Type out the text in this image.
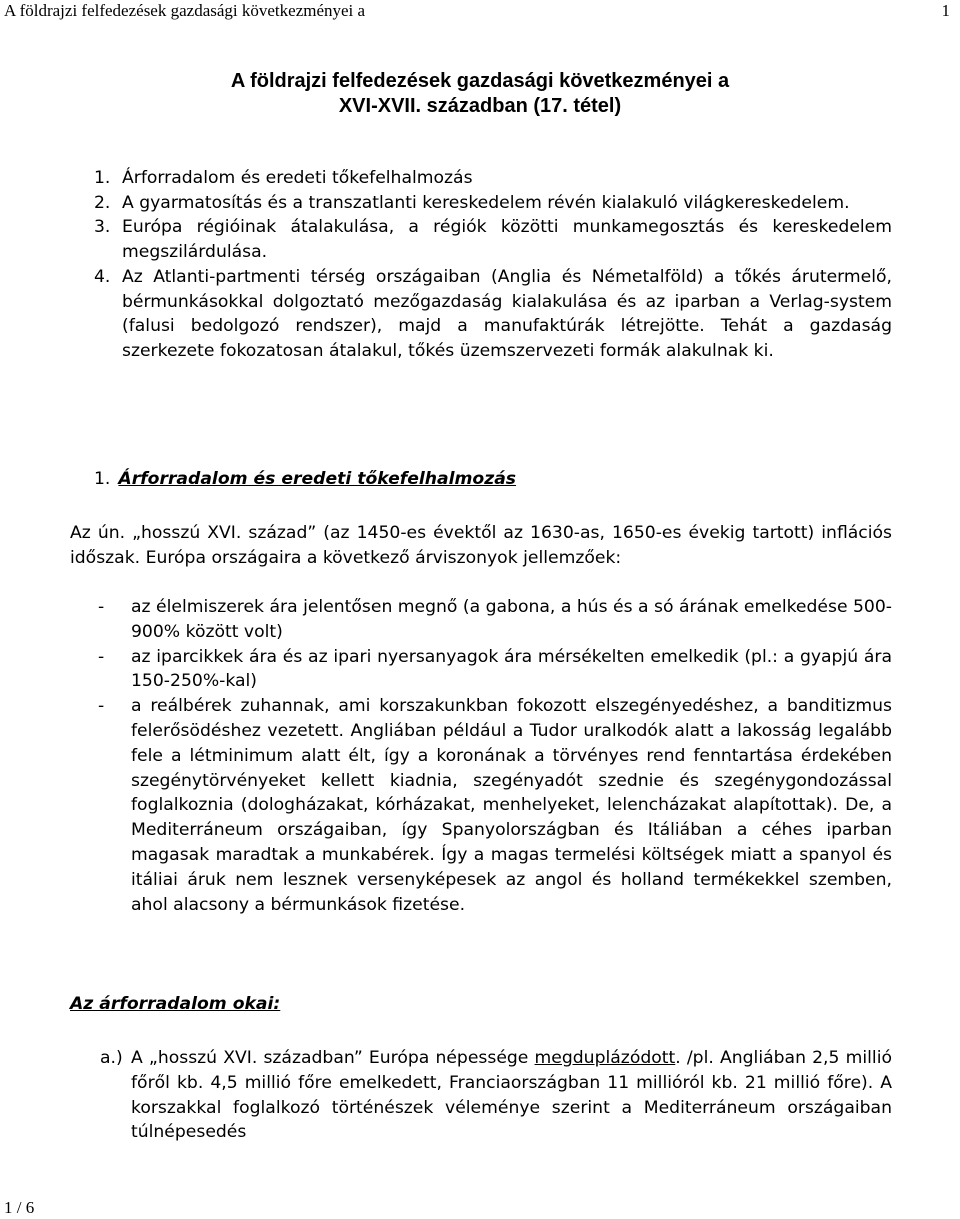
A földrajzi felfedezések gazdasági következményei a	1
A földrajzi felfedezések gazdasági következményei a
XVI-XVII. században (17. tétel)
1. Árforradalom és eredeti tőkefelhalmozás
2. A gyarmatosítás és a transzatlanti kereskedelem révén kialakuló világkereskedelem.
3. Európa régióinak átalakulása, a régiók közötti munkamegosztás és kereskedelem megszilárdulása.
4. Az Atlanti-partmenti térség országaiban (Anglia és Németalföld) a tőkés árutermelő, bérmunkásokkal dolgoztató mezőgazdaság kialakulása és az iparban a Verlag-system (falusi bedolgozó rendszer), majd a manufaktúrák létrejötte. Tehát a gazdaság szerkezete fokozatosan átalakul, tőkés üzemszervezeti formák alakulnak ki.
1. Árforradalom és eredeti tőkefelhalmozás
Az ún. „hosszú XVI. század” (az 1450-es évektől az 1630-as, 1650-es évekig tartott) inflációs időszak. Európa országaira a következő árviszonyok jellemzőek:
-	az élelmiszerek ára jelentősen megnő (a gabona, a hús és a só árának emelkedése 500-900% között volt)
-	az iparcikkek ára és az ipari nyersanyagok ára mérsékelten emelkedik (pl.: a gyapjú ára 150-250%-kal)
-	a reálbérek zuhannak, ami korszakunkban fokozott elszegényedéshez, a banditizmus felerősödéshez vezetett. Angliában például a Tudor uralkodók alatt a lakosság legalább fele a létminimum alatt élt, így a koronának a törvényes rend fenntartása érdekében szegénytörvényeket kellett kiadnia, szegényadót szednie és szegénygondozással foglalkoznia (dologházakat, kórházakat, menhelyeket, lelencházakat alapítottak). De, a Mediterráneum országaiban, így Spanyolországban és Itáliában a céhes iparban magasak maradtak a munkabérek. Így a magas termelési költségek miatt a spanyol és itáliai áruk nem lesznek versenyképesek az angol és holland termékekkel szemben, ahol alacsony a bérmunkások fizetése.
Az árforradalom okai:
a.) A „hosszú XVI. században” Európa népessége megduplázódott. /pl. Angliában 2,5 millió főről kb. 4,5 millió főre emelkedett, Franciaországban 11 millióról kb. 21 millió főre). A korszakkal foglalkozó történészek véleménye szerint a Mediterráneum országaiban túlnépesedés
1 / 6
